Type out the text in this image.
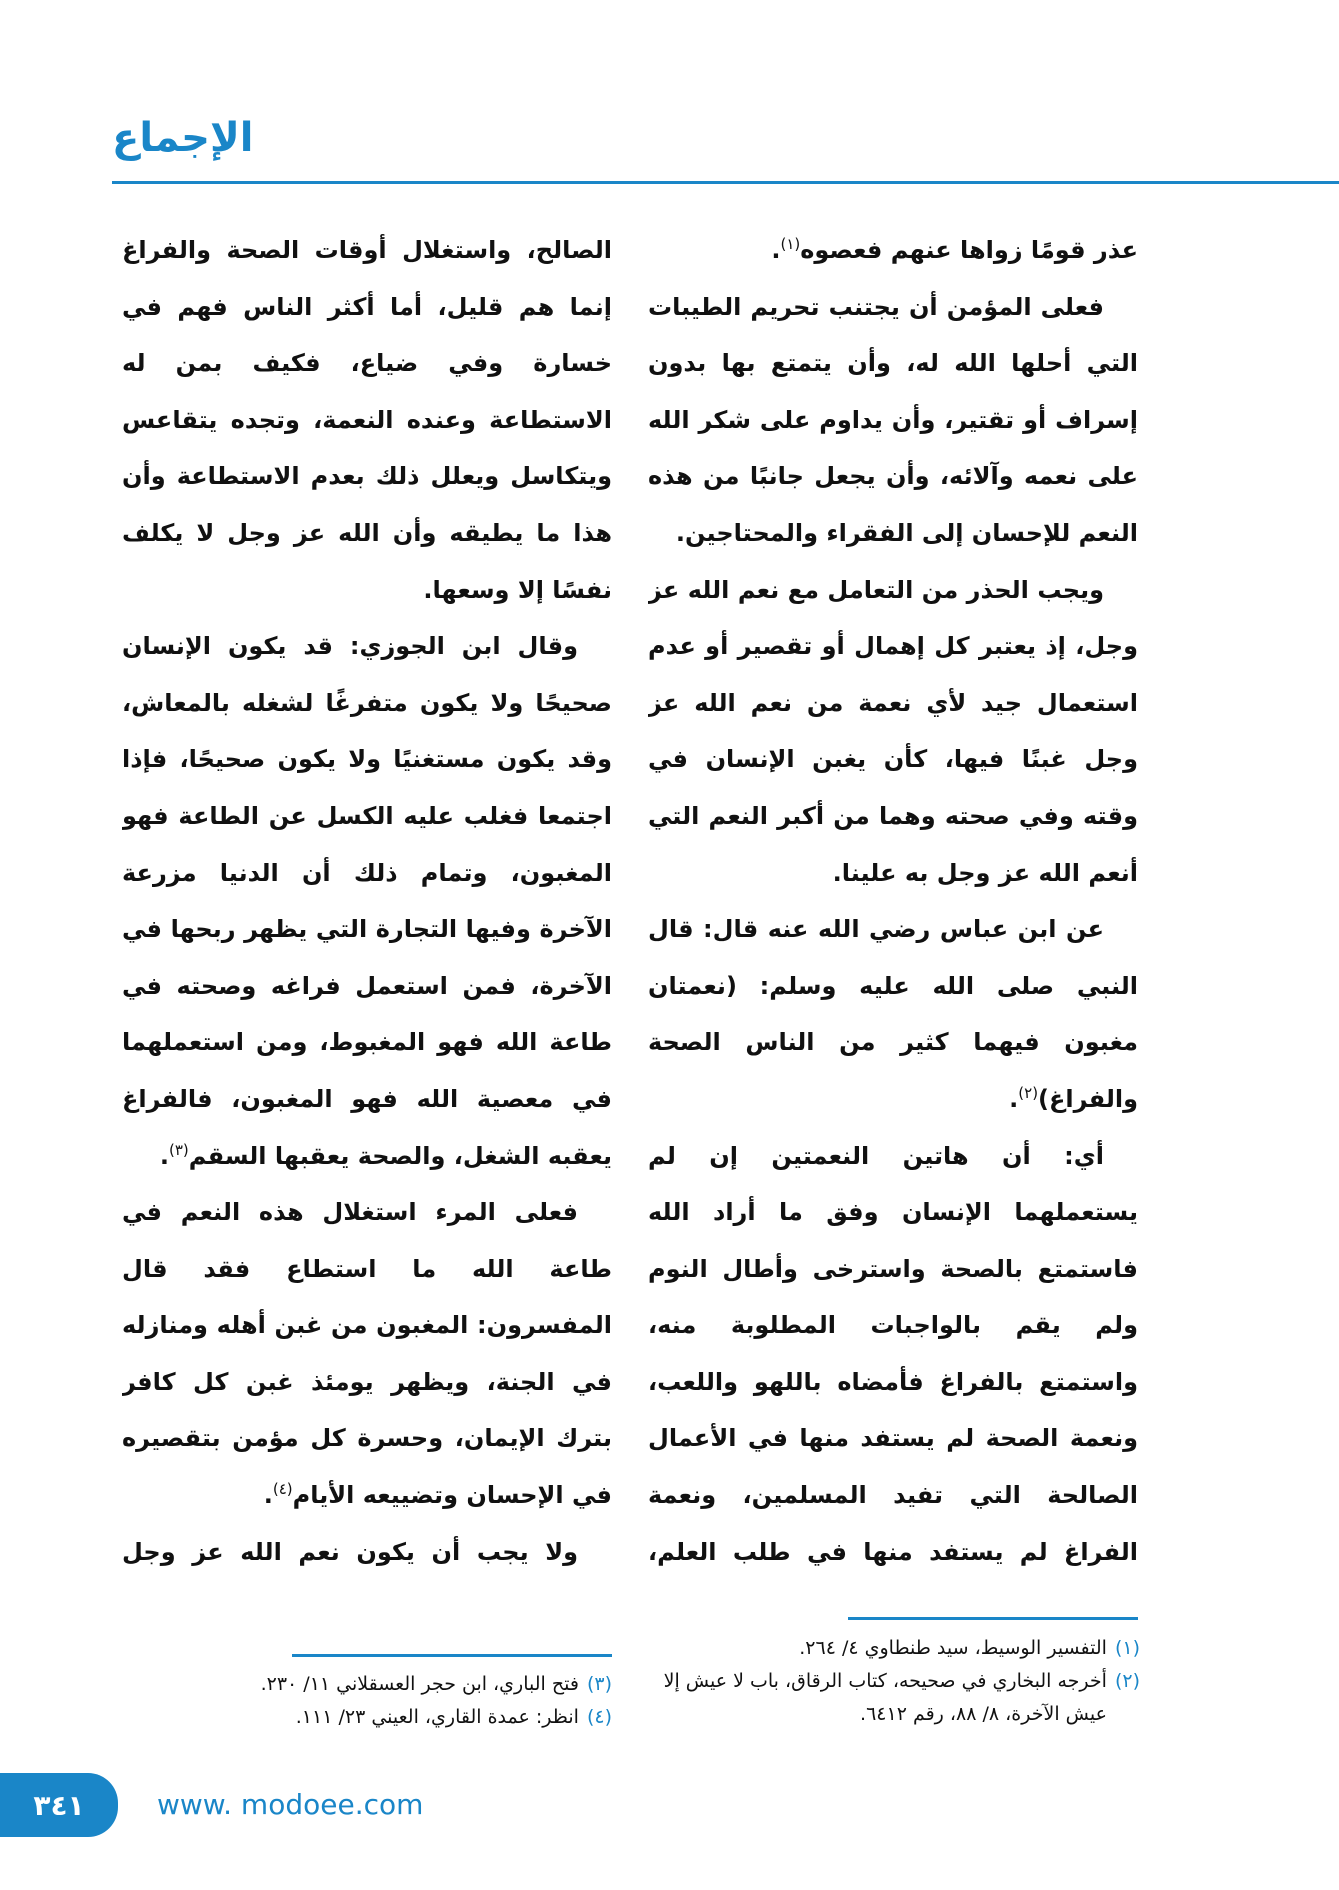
الإجماع

عذر قومًا زواها عنهم فعصوه$^{(١)}$.

فعلى المؤمن أن يجتنب تحريم الطيبات التي أحلها الله له، وأن يتمتع بها بدون إسراف أو تقتير، وأن يداوم على شكر الله على نعمه وآلائه، وأن يجعل جانبًا من هذه النعم للإحسان إلى الفقراء والمحتاجين.

ويجب الحذر من التعامل مع نعم الله عز وجل، إذ يعتبر كل إهمال أو تقصير أو عدم استعمال جيد لأي نعمة من نعم الله عز وجل غبنًا فيها، كأن يغبن الإنسان في وقته وفي صحته وهما من أكبر النعم التي أنعم الله عز وجل به علينا.

عن ابن عباس رضي الله عنه قال: قال النبي صلى الله عليه وسلم: (نعمتان مغبون فيهما كثير من الناس الصحة والفراغ)$^{(٢)}$.

أي: أن هاتين النعمتين إن لم يستعملهما الإنسان وفق ما أراد الله فاستمتع بالصحة واسترخى وأطال النوم ولم يقم بالواجبات المطلوبة منه، واستمتع بالفراغ فأمضاه باللهو واللعب، ونعمة الصحة لم يستفد منها في الأعمال الصالحة التي تفيد المسلمين، ونعمة الفراغ لم يستفد منها في طلب العلم،

الصالح، واستغلال أوقات الصحة والفراغ إنما هم قليل، أما أكثر الناس فهم في خسارة وفي ضياع، فكيف بمن له الاستطاعة وعنده النعمة، وتجده يتقاعس ويتكاسل ويعلل ذلك بعدم الاستطاعة وأن هذا ما يطيقه وأن الله عز وجل لا يكلف نفسًا إلا وسعها.

وقال ابن الجوزي: قد يكون الإنسان صحيحًا ولا يكون متفرغًا لشغله بالمعاش، وقد يكون مستغنيًا ولا يكون صحيحًا، فإذا اجتمعا فغلب عليه الكسل عن الطاعة فهو المغبون، وتمام ذلك أن الدنيا مزرعة الآخرة وفيها التجارة التي يظهر ربحها في الآخرة، فمن استعمل فراغه وصحته في طاعة الله فهو المغبوط، ومن استعملهما في معصية الله فهو المغبون، فالفراغ يعقبه الشغل، والصحة يعقبها السقم$^{(٣)}$.

فعلى المرء استغلال هذه النعم في طاعة الله ما استطاع فقد قال المفسرون: المغبون من غبن أهله ومنازله في الجنة، ويظهر يومئذ غبن كل كافر بترك الإيمان، وحسرة كل مؤمن بتقصيره في الإحسان وتضييعه الأيام$^{(٤)}$.

ولا يجب أن يكون نعم الله عز وجل

(١)
التفسير الوسيط، سيد طنطاوي ٤/ ٢٦٤.
(٢)
أخرجه البخاري في صحيحه، كتاب الرقاق، باب لا عيش إلا عيش الآخرة، ٨/ ٨٨، رقم ٦٤١٢.
(٣)
فتح الباري، ابن حجر العسقلاني ١١/ ٢٣٠.
(٤)
انظر: عمدة القاري، العيني ٢٣/ ١١١.
٣٤١	www. modoee.com
